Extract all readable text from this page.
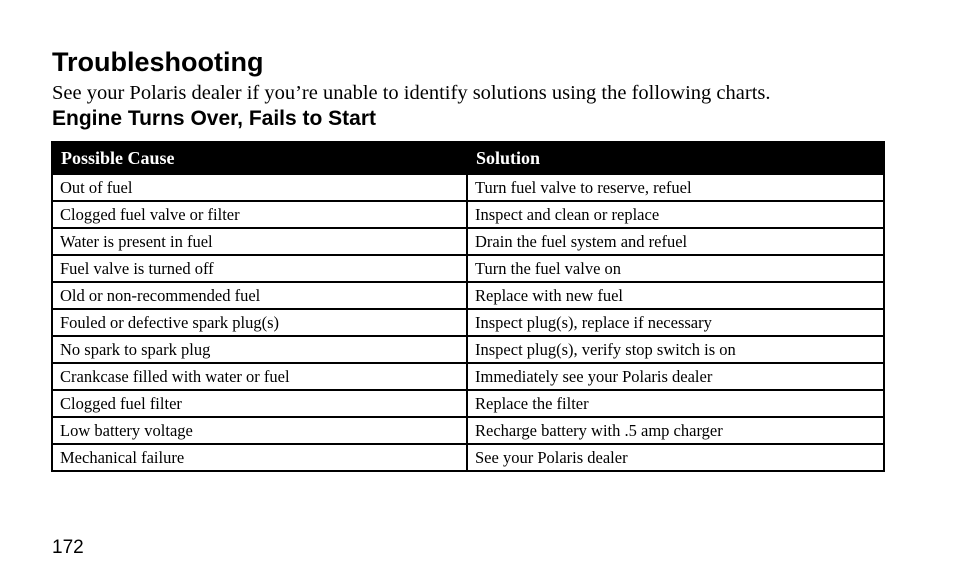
Troubleshooting

See your Polaris dealer if you’re unable to identify solutions using the following charts.

Engine Turns Over, Fails to Start
Possible Cause	Solution
Out of fuel	Turn fuel valve to reserve, refuel
Clogged fuel valve or filter	Inspect and clean or replace
Water is present in fuel	Drain the fuel system and refuel
Fuel valve is turned off	Turn the fuel valve on
Old or non-recommended fuel	Replace with new fuel
Fouled or defective spark plug(s)	Inspect plug(s), replace if necessary
No spark to spark plug	Inspect plug(s), verify stop switch is on
Crankcase filled with water or fuel	Immediately see your Polaris dealer
Clogged fuel filter	Replace the filter
Low battery voltage	Recharge battery with .5 amp charger
Mechanical failure	See your Polaris dealer
172
